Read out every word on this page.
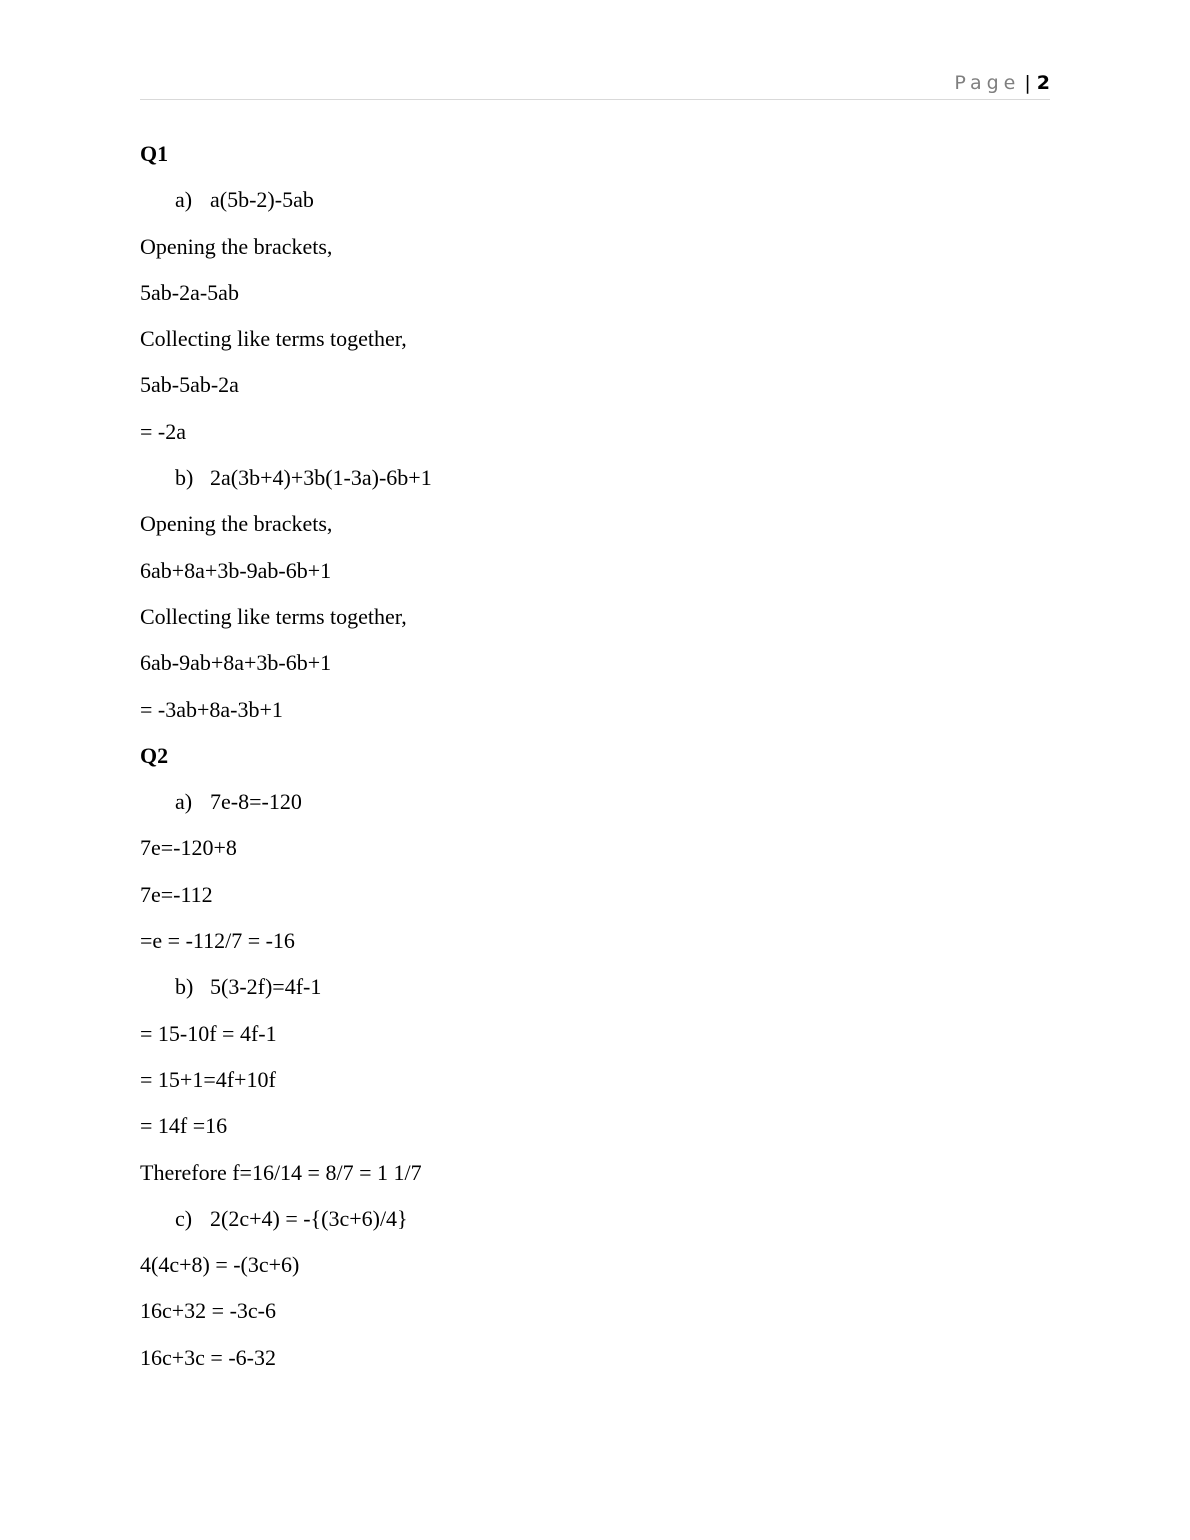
Page | 2
Q1
a) a(5b-2)-5ab
Opening the brackets,
5ab-2a-5ab
Collecting like terms together,
5ab-5ab-2a
= -2a
b) 2a(3b+4)+3b(1-3a)-6b+1
Opening the brackets,
6ab+8a+3b-9ab-6b+1
Collecting like terms together,
6ab-9ab+8a+3b-6b+1
= -3ab+8a-3b+1
Q2
a) 7e-8=-120
7e=-120+8
7e=-112
=e = -112/7 = -16
b) 5(3-2f)=4f-1
= 15-10f = 4f-1
= 15+1=4f+10f
= 14f =16
Therefore f=16/14 = 8/7 = 1 1/7
c) 2(2c+4) = -{(3c+6)/4}
4(4c+8) = -(3c+6)
16c+32 = -3c-6
16c+3c = -6-32
